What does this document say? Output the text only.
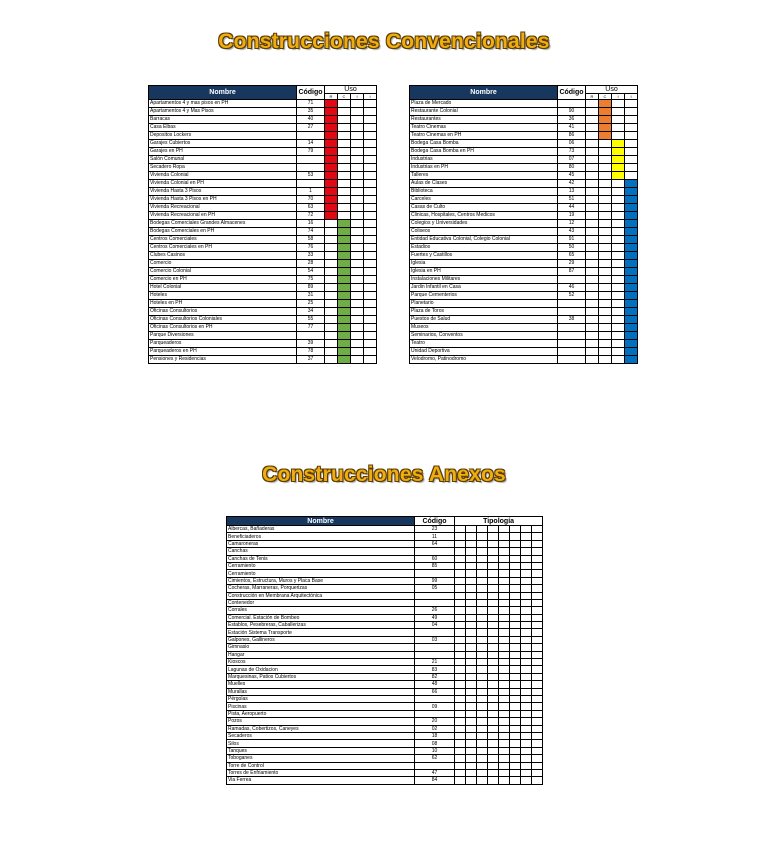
Construcciones Convencionales
Nombre	Código	Uso			
		R	C	I	I
Apartamentos 4 y mas pisos en PH	71				
Apartamentos 4 y Mas Pisos	35				
Barracas	40				
Casa Elbas	27				
Depositos Lockers					
Garajes Cubiertos	14				
Garajes en PH	79				
Salón Comunal					
Secadero Ropa					
Vivienda Colonial	53				
Vivienda Colonial en PH					
Vivienda Hasta 3 Pisos	1				
Vivienda Hasta 3 Pisos en PH	70				
Vivienda Recreacional	63				
Vivienda Recreacional en PH	72				
Bodegas Comerciales Grandes Almacenes	16				
Bodegas Comerciales en PH	74				
Centros Comerciales	58				
Centros Comerciales en PH	76				
Clubes Casinos	33				
Comercio	28				
Comercio Colonial	54				
Comercio en PH	75				
Hotel Colonial	89				
Hoteles	31				
Hoteles en PH	25				
Oficinas Consultorios	34				
Oficinas Consultorios Coloniales	55				
Oficinas Consultorios en PH	77				
Parque Diversiones					
Parqueaderos	39				
Parqueaderos en PH	78				
Pensiones y Residencias	37				
Nombre	Código	Uso			
		R	C	I	I
Plaza de Mercado					
Restaurante Colonial	90				
Restaurantes	36				
Teatro Cinemas	41				
Teatro Cinemas en PH	86				
Bodega Casa Bomba	06				
Bodega Casa Bomba en PH	73				
Industrias	07				
Industrias en PH	80				
Talleres	45				
Aulas de Clases	42				
Biblioteca	13				
Carceles	51				
Casas de Culto	44				
Clinicas, Hospitales, Centros Medicos	19				
Colegios y Universidades	12				
Coliseos	43				
Entidad Educativa Colonial, Colegio Colonial	91				
Estadios	50				
Fuertes y Castillos	65				
Iglesia	29				
Iglesia en PH	87				
Instalaciones Militares					
Jardin Infantil en Casa	46				
Parque Cementerios	52				
Planetario					
Plaza de Toros					
Puestos de Salud	38				
Museos					
Seminarios, Conventos					
Teatro					
Unidad Deportiva					
Velodromo, Patinodromo					
Construcciones Anexos
Nombre	Código	Tipología							
Albercas, Bañaderas	23								
Beneficiaderos	11								
Camaroneras	64								
Canchas									
Canchas de Tenis	60								
Cerramiento	85								
Cerramiento									
Cimientos, Estructura, Muros y Placa Base	99								
Cocheras, Marraneras, Porquerizas	05								
Construcción en Membrana Arquitectónica									
Contenedor									
Corrales	26								
Comercial. Estación de Bombeo	49								
Establos, Pesebreras, Caballerizas	04								
Estación Sistema Transporte									
Galpones, Gallineros	03								
Gimnasio									
Hangar									
Kioscos	21								
Lagunas de Oxidacion	83								
Marquesinas, Patios Cubiertos	82								
Muelles	48								
Murallas	66								
Pérgolas									
Piscinas	09								
Pista, Aeropuerto									
Pozos	20								
Ramadas, Cobertizos, Caneyes	02								
Secaderos	18								
Silos	08								
Tanques	10								
Toboganes	62								
Torre de Control									
Torres de Enfriamiento	47								
Via Ferrea	84								
